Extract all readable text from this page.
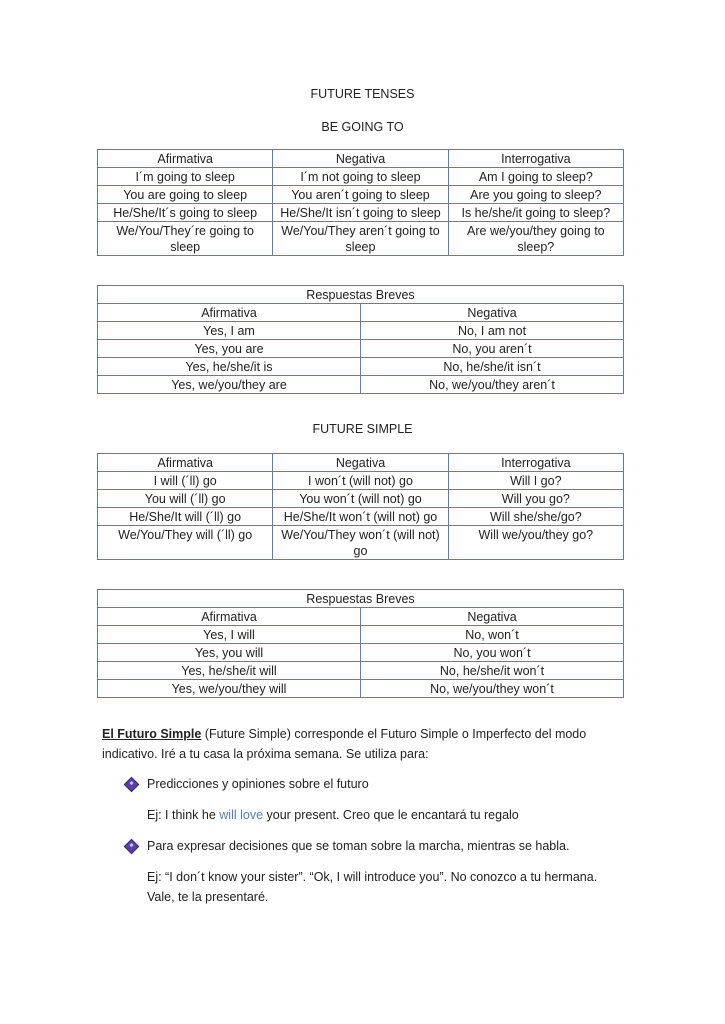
FUTURE TENSES
BE GOING TO
Afirmativa	Negativa	Interrogativa
I´m going to sleep	I´m not going to sleep	Am I going to sleep?
You are going to sleep	You aren´t going to sleep	Are you going to sleep?
He/She/It´s going to sleep	He/She/It isn´t going to sleep	Is he/she/it going to sleep?
We/You/They´re going to sleep	We/You/They aren´t going to sleep	Are we/you/they going to sleep?
Respuestas Breves	
Afirmativa	Negativa
Yes, I am	No, I am not
Yes, you are	No, you aren´t
Yes, he/she/it is	No, he/she/it isn´t
Yes, we/you/they are	No, we/you/they aren´t
FUTURE SIMPLE
Afirmativa	Negativa	Interrogativa
I will (´ll) go	I won´t (will not) go	Will I go?
You will (´ll) go	You won´t (will not) go	Will you go?
He/She/It will (´ll) go	He/She/It won´t (will not) go	Will she/she/go?
We/You/They will (´ll) go	We/You/They won´t (will not) go	Will we/you/they go?
Respuestas Breves	
Afirmativa	Negativa
Yes, I will	No, won´t
Yes, you will	No, you won´t
Yes, he/she/it will	No, he/she/it won´t
Yes, we/you/they will	No, we/you/they won´t
El Futuro Simple (Future Simple) corresponde el Futuro Simple o Imperfecto del modo indicativo. Iré a tu casa la próxima semana. Se utiliza para:
Predicciones y opiniones sobre el futuro
Ej: I think he will love your present. Creo que le encantará tu regalo
Para expresar decisiones que se toman sobre la marcha, mientras se habla.
Ej: “I don´t know your sister”. “Ok, I will introduce you”. No conozco a tu hermana. Vale, te la presentaré.
